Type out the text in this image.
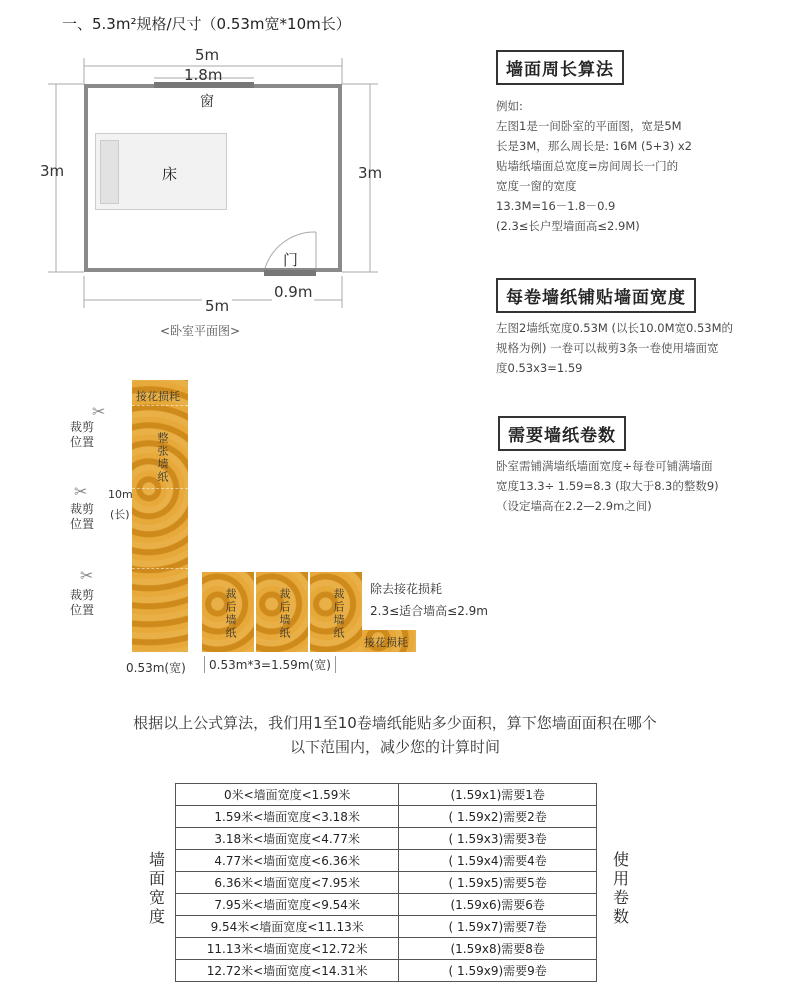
一、5.3m²规格/尺寸（0.53m宽*10m长）
5m
1.8m
窗
3m	3m
床
门
0.9m
5m
<卧室平面图>
墙面周长算法
例如:
左图1是一间卧室的平面图，宽是5M
长是3M，那么周长是: 16M (5+3) x2
贴墙纸墙面总宽度=房间周长一门的
宽度一窗的宽度
13.3M=16－1.8－0.9
(2.3≤长户型墙面高≤2.9M)
每卷墙纸铺贴墙面宽度
左图2墙纸宽度0.53M (以长10.0M宽0.53M的
规格为例) 一卷可以裁剪3条一卷使用墙面宽
度0.53x3=1.59
需要墙纸卷数
卧室需铺满墙纸墙面宽度÷每卷可铺满墙面
宽度13.3÷ 1.59=8.3 (取大于8.3的整数9)
（设定墙高在2.2—2.9m之间)
接花损耗
整张墙纸
10m
(长)
✂
✂
✂
裁剪位置
裁剪位置
裁剪位置	裁后墙纸	裁后墙纸	裁后墙纸
接花损耗
除去接花损耗
2.3≤适合墙高≤2.9m
0.53m(宽)	0.53m*3=1.59m(宽)
根据以上公式算法，我们用1至10卷墙纸能贴多少面积，算下您墙面面积在哪个
以下范围内，减少您的计算时间
墙面宽度
使用卷数
0米<墙面宽度<1.59米	(1.59x1)需要1卷
1.59米<墙面宽度<3.18米	( 1.59x2)需要2卷
3.18米<墙面宽度<4.77米	( 1.59x3)需要3卷
4.77米<墙面宽度<6.36米	( 1.59x4)需要4卷
6.36米<墙面宽度<7.95米	( 1.59x5)需要5卷
7.95米<墙面宽度<9.54米	(1.59x6)需要6卷
9.54米<墙面宽度<11.13米	( 1.59x7)需要7卷
11.13米<墙面宽度<12.72米	(1.59x8)需要8卷
12.72米<墙面宽度<14.31米	( 1.59x9)需要9卷
